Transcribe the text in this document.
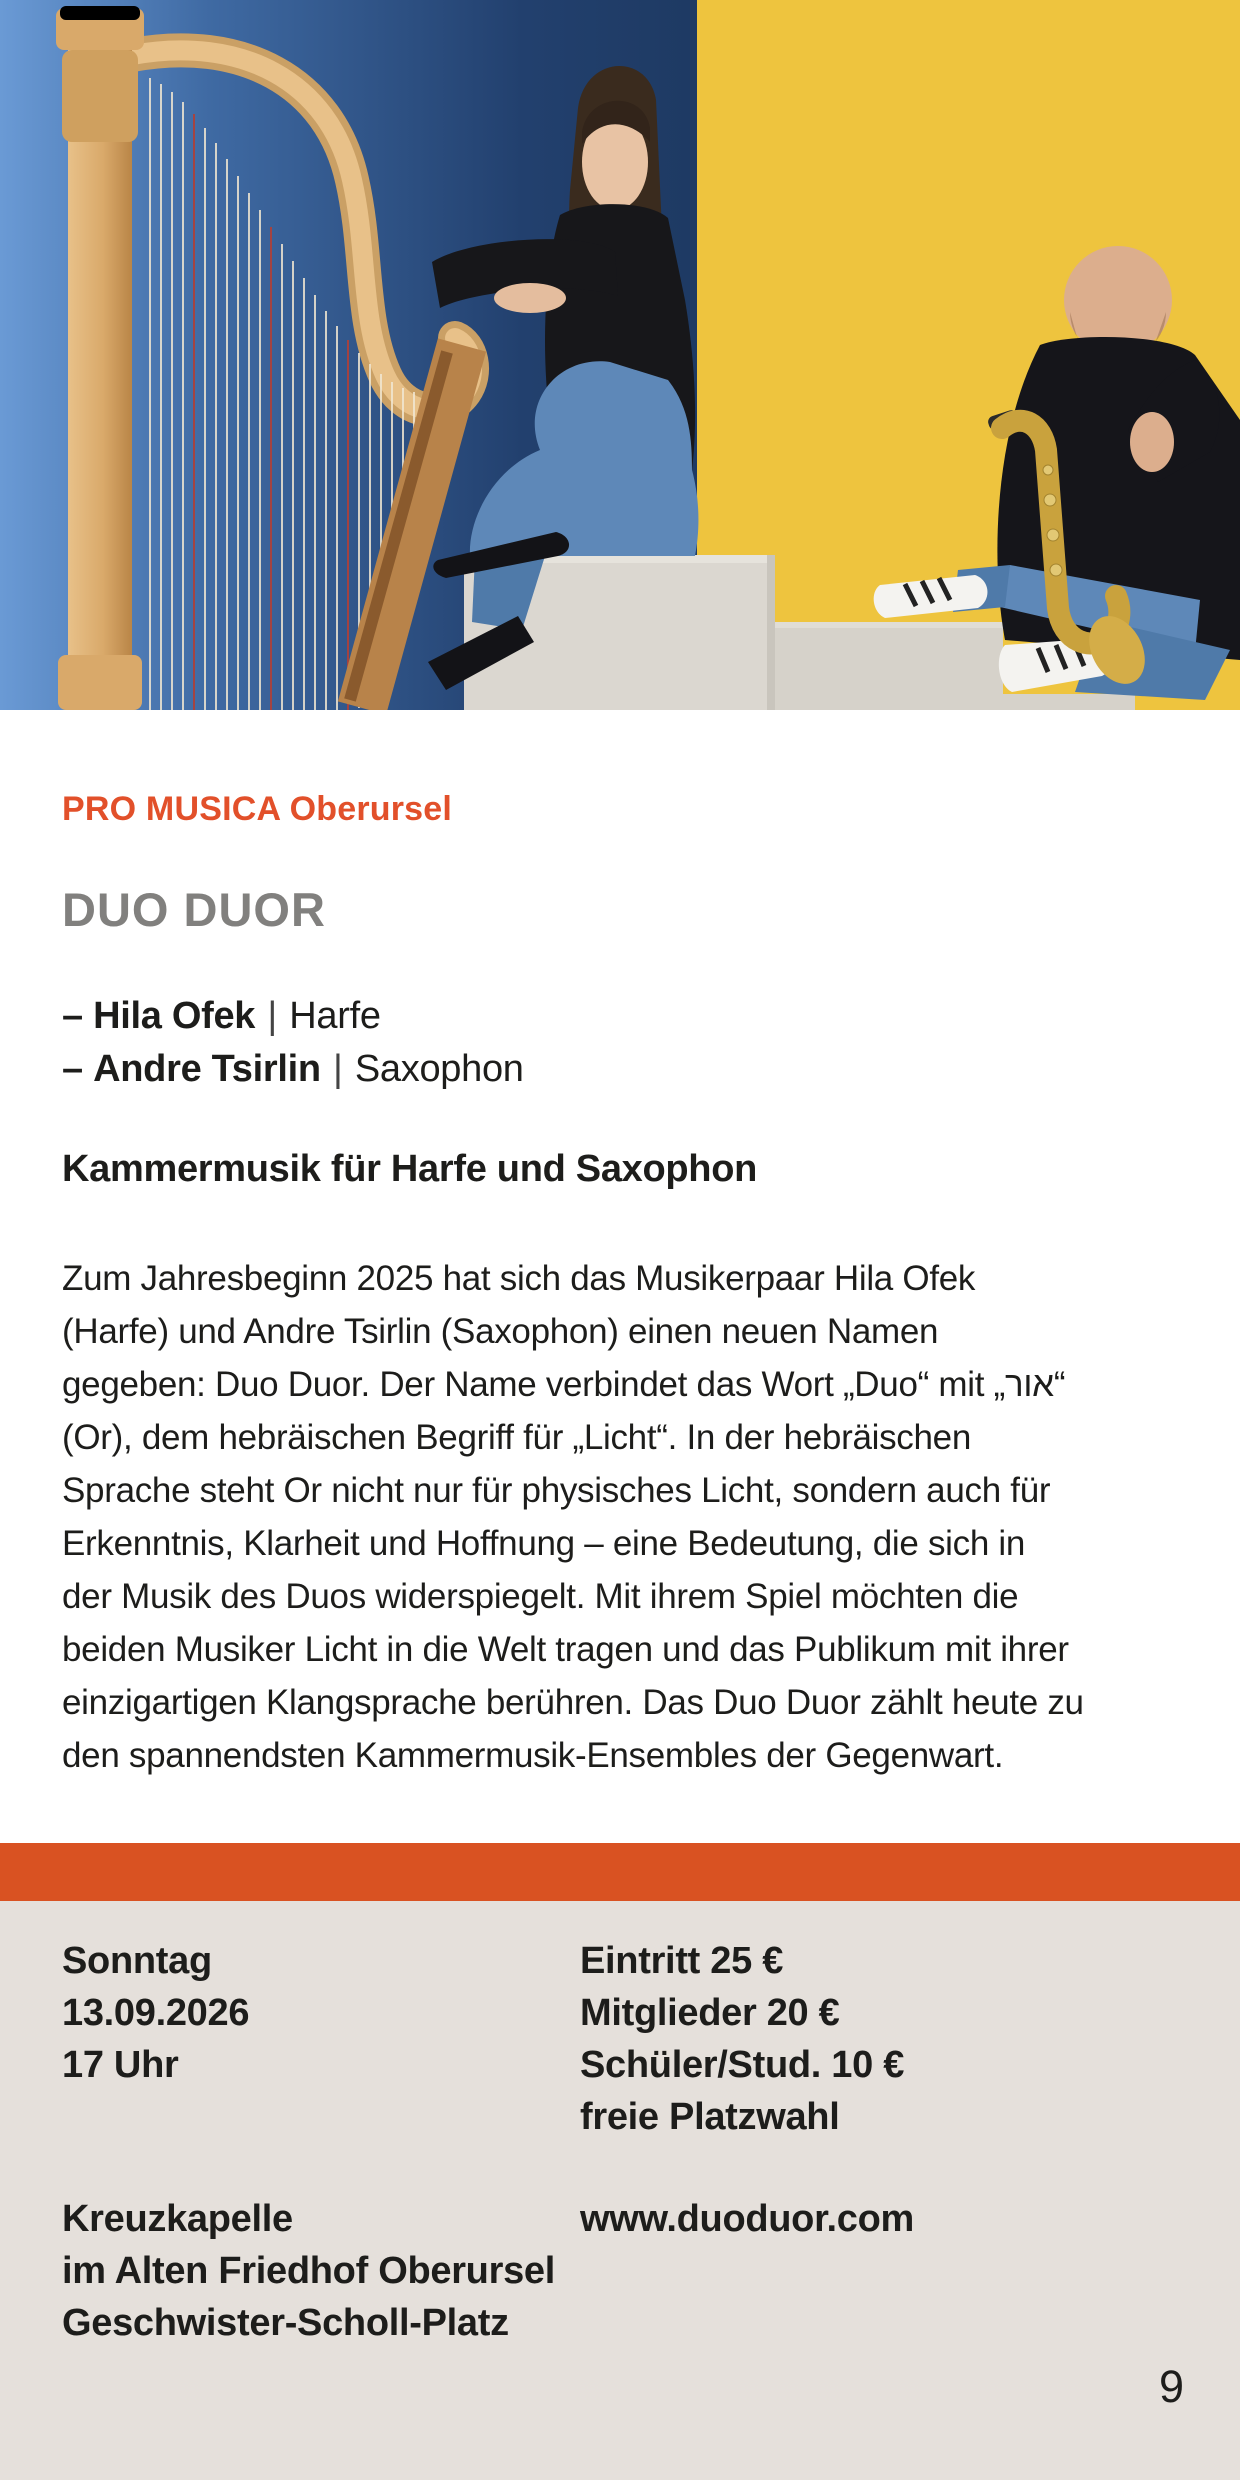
PRO MUSICA Oberursel
DUO DUOR
– Hila Ofek | Harfe
– Andre Tsirlin | Saxophon
Kammermusik für Harfe und Saxophon
Zum Jahresbeginn 2025 hat sich das Musikerpaar Hila Ofek
(Harfe) und Andre Tsirlin (Saxophon) einen neuen Namen
gegeben: Duo Duor. Der Name verbindet das Wort „Duo“ mit „אור“
(Or), dem hebräischen Begriff für „Licht“. In der hebräischen
Sprache steht Or nicht nur für physisches Licht, sondern auch für
Erkenntnis, Klarheit und Hoffnung – eine Bedeutung, die sich in
der Musik des Duos widerspiegelt. Mit ihrem Spiel möchten die
beiden Musiker Licht in die Welt tragen und das Publikum mit ihrer
einzigartigen Klangsprache berühren. Das Duo Duor zählt heute zu
den spannendsten Kammermusik-Ensembles der Gegenwart.
Sonntag
13.09.2026
17 Uhr
Eintritt 25 €
Mitglieder 20 €
Schüler/Stud. 10 €
freie Platzwahl
Kreuzkapelle
im Alten Friedhof Oberursel
Geschwister-Scholl-Platz
www.duoduor.com
9
